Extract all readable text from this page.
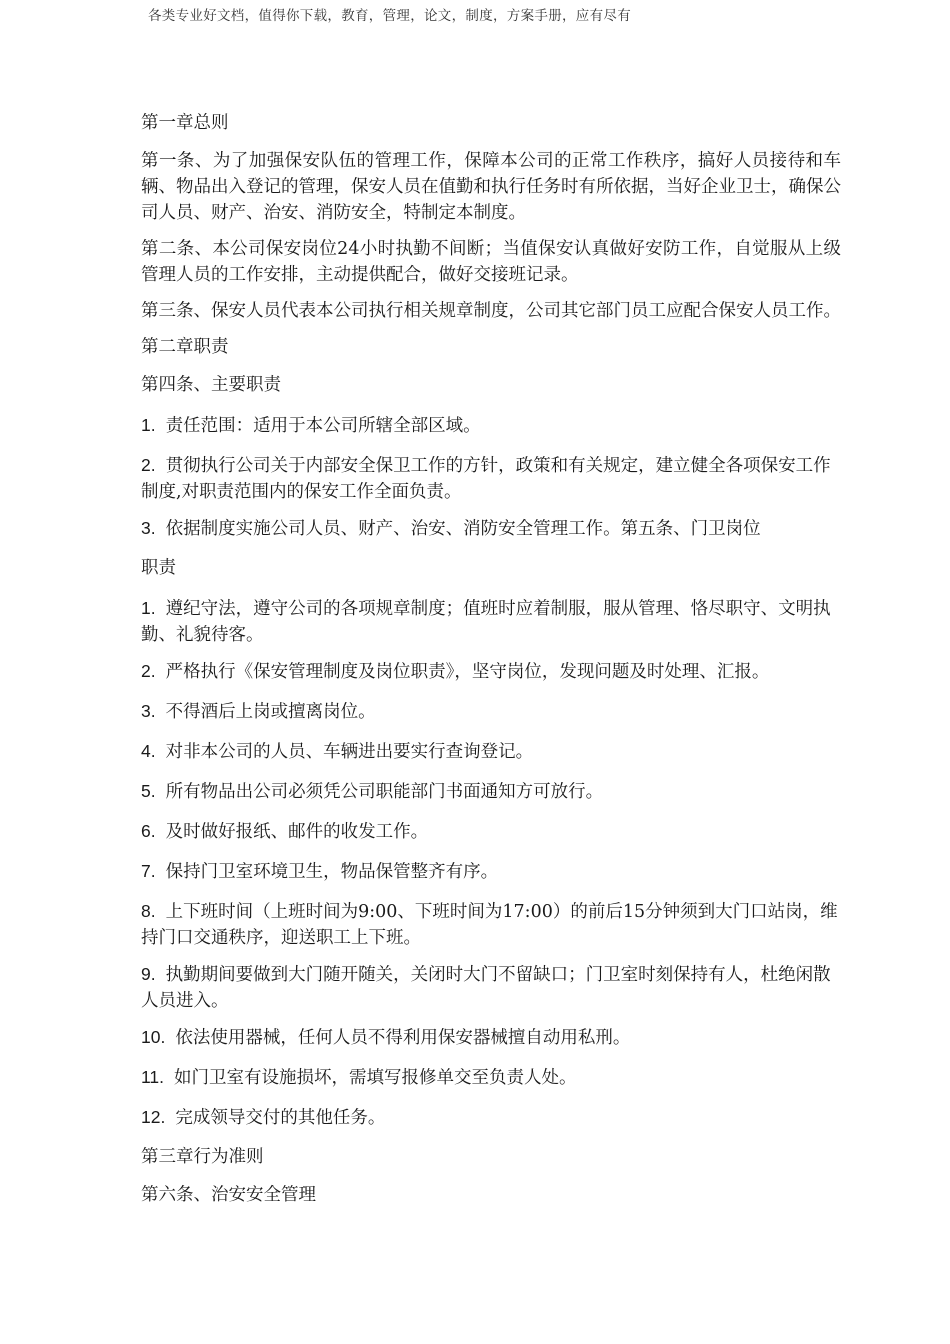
各类专业好文档，值得你下载，教育，管理，论文，制度，方案手册，应有尽有

第一章总则

第一条、为了加强保安队伍的管理工作，保障本公司的正常工作秩序，搞好人员接待和车辆、物品出入登记的管理，保安人员在值勤和执行任务时有所依据，当好企业卫士，确保公司人员、财产、治安、消防安全，特制定本制度。

第二条、本公司保安岗位24小时执勤不间断；当值保安认真做好安防工作，自觉服从上级管理人员的工作安排，主动提供配合，做好交接班记录。

第三条、保安人员代表本公司执行相关规章制度，公司其它部门员工应配合保安人员工作。

第二章职责

第四条、主要职责

1. 责任范围：适用于本公司所辖全部区域。

2. 贯彻执行公司关于内部安全保卫工作的方针，政策和有关规定，建立健全各项保安工作制度,对职责范围内的保安工作全面负责。

3. 依据制度实施公司人员、财产、治安、消防安全管理工作。第五条、门卫岗位

职责

1. 遵纪守法，遵守公司的各项规章制度；值班时应着制服，服从管理、恪尽职守、文明执勤、礼貌待客。

2. 严格执行《保安管理制度及岗位职责》，坚守岗位，发现问题及时处理、汇报。

3. 不得酒后上岗或擅离岗位。

4. 对非本公司的人员、车辆进出要实行查询登记。

5. 所有物品出公司必须凭公司职能部门书面通知方可放行。

6. 及时做好报纸、邮件的收发工作。

7. 保持门卫室环境卫生，物品保管整齐有序。

8. 上下班时间（上班时间为9:00、下班时间为17:00）的前后15分钟须到大门口站岗，维持门口交通秩序，迎送职工上下班。

9. 执勤期间要做到大门随开随关，关闭时大门不留缺口；门卫室时刻保持有人，杜绝闲散人员进入。

10. 依法使用器械，任何人员不得利用保安器械擅自动用私刑。

11. 如门卫室有设施损坏，需填写报修单交至负责人处。

12. 完成领导交付的其他任务。

第三章行为准则

第六条、治安安全管理
